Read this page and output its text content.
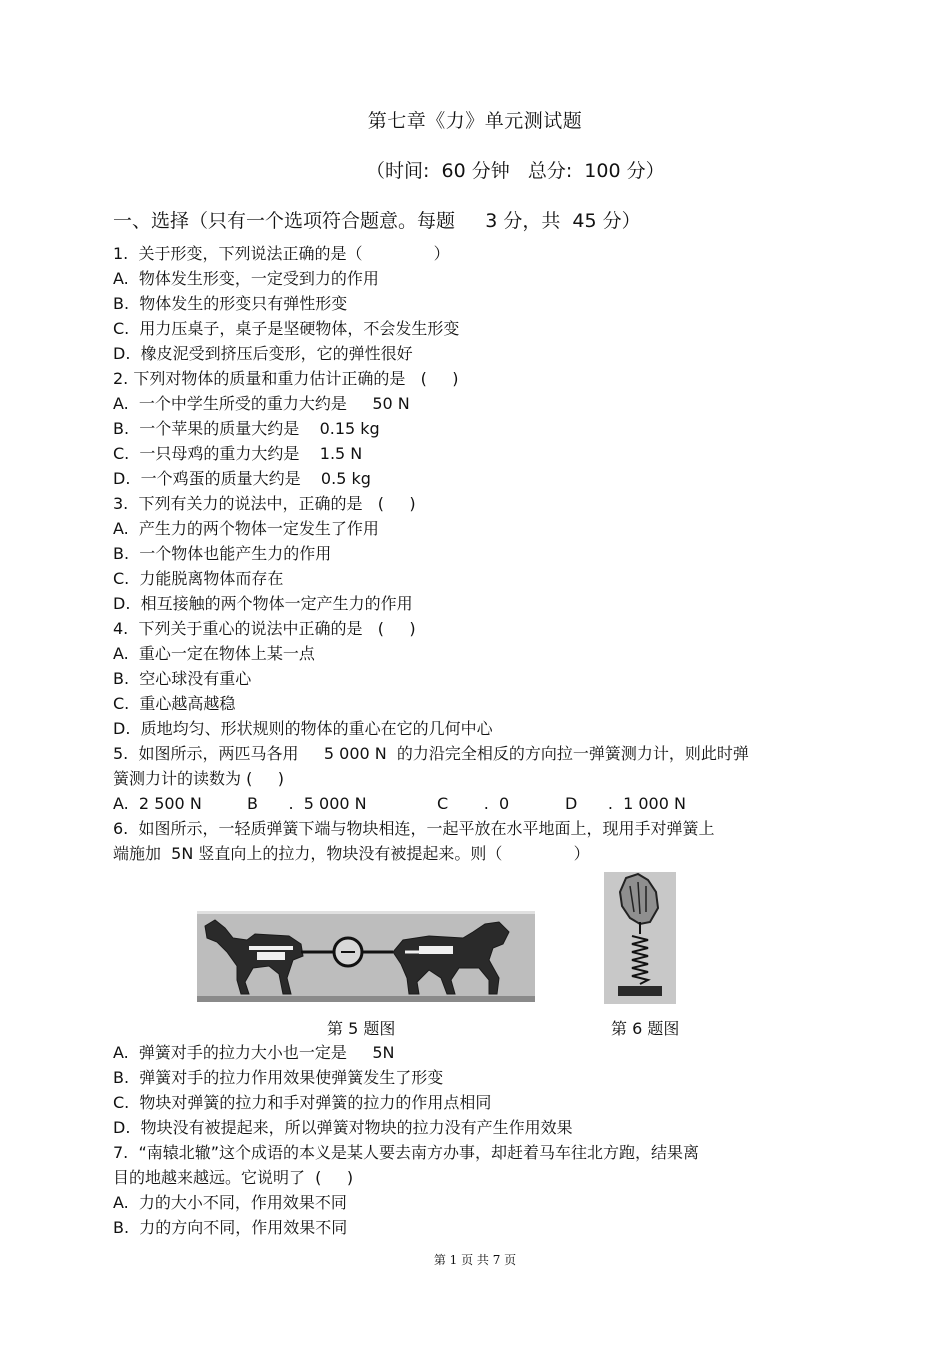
第七章《力》单元测试题
（时间:  60 分钟   总分:  100 分）
一、选择（只有一个选项符合题意。每题     3 分，共  45 分）
1.  关于形变，下列说法正确的是（              ）
A.  物体发生形变，一定受到力的作用
B.  物体发生的形变只有弹性形变
C.  用力压桌子，桌子是坚硬物体，不会发生形变
D.  橡皮泥受到挤压后变形，它的弹性很好
2. 下列对物体的质量和重力估计正确的是   (     )
A.  一个中学生所受的重力大约是     50 N
B.  一个苹果的质量大约是    0.15 kg
C.  一只母鸡的重力大约是    1.5 N
D.  一个鸡蛋的质量大约是    0.5 kg
3.  下列有关力的说法中，正确的是   (     )
A.  产生力的两个物体一定发生了作用
B.  一个物体也能产生力的作用
C.  力能脱离物体而存在
D.  相互接触的两个物体一定产生力的作用
4.  下列关于重心的说法中正确的是   (     )
A.  重心一定在物体上某一点
B.  空心球没有重心
C.  重心越高越稳
D.  质地均匀、形状规则的物体的重心在它的几何中心
5.  如图所示，两匹马各用     5 000 N  的力沿完全相反的方向拉一弹簧测力计，则此时弹
簧测力计的读数为 (     )
A.  2 500 N	B      .  5 000 N	C       .  0	D      .  1 000 N
6.  如图所示，一轻质弹簧下端与物块相连，一起平放在水平地面上，现用手对弹簧上
端施加  5N 竖直向上的拉力，物块没有被提起来。则（              ）
第 5 题图	第 6 题图
A.  弹簧对手的拉力大小也一定是     5N
B.  弹簧对手的拉力作用效果使弹簧发生了形变
C.  物块对弹簧的拉力和手对弹簧的拉力的作用点相同
D.  物块没有被提起来，所以弹簧对物块的拉力没有产生作用效果
7.  “南辕北辙”这个成语的本义是某人要去南方办事，却赶着马车往北方跑，结果离
目的地越来越远。它说明了  (     )
A.  力的大小不同，作用效果不同
B.  力的方向不同，作用效果不同
第 1 页 共 7 页
